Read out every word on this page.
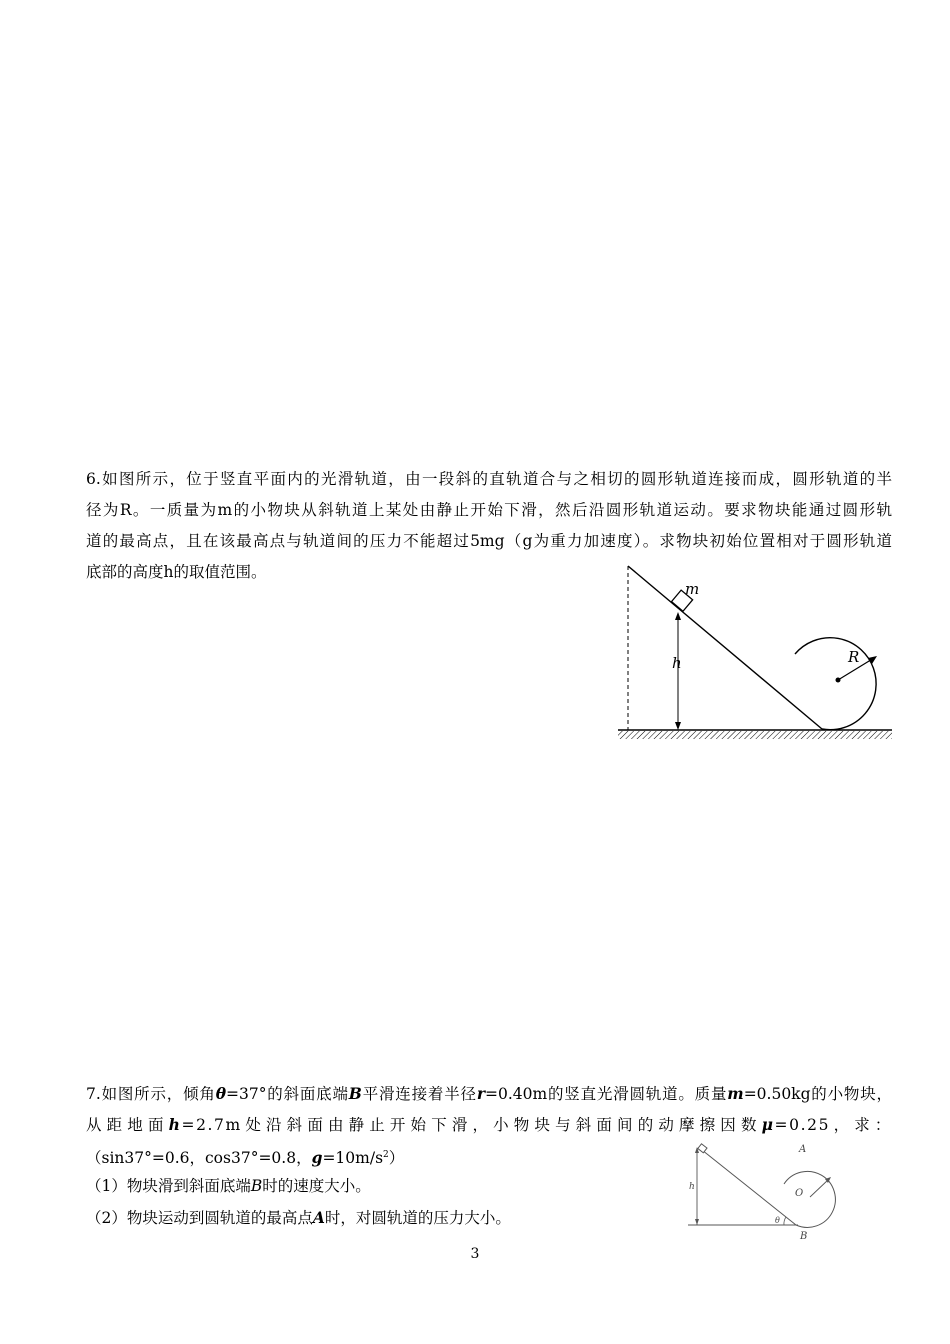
6.如图所示，位于竖直平面内的光滑轨道，由一段斜的直轨道合与之相切的圆形轨道连接而成，圆形轨道的半
径为R。一质量为m的小物块从斜轨道上某处由静止开始下滑，然后沿圆形轨道运动。要求物块能通过圆形轨
道的最高点，且在该最高点与轨道间的压力不能超过5mg（g为重力加速度）。求物块初始位置相对于圆形轨道
底部的高度h的取值范围。
m
h	R
7.如图所示，倾角θ=37°的斜面底端B平滑连接着半径r=0.40m的竖直光滑圆轨道。质量m=0.50kg的小物块，
从距地面h=2.7m处沿斜面由静止开始下滑，小物块与斜面间的动摩擦因数μ=0.25，求：
（sin37°=0.6，cos37°=0.8，$g=10m/s^2$）
（1）物块滑到斜面底端B时的速度大小。
（2）物块运动到圆轨道的最高点A时，对圆轨道的压力大小。
A
O
h
θ
B
3
